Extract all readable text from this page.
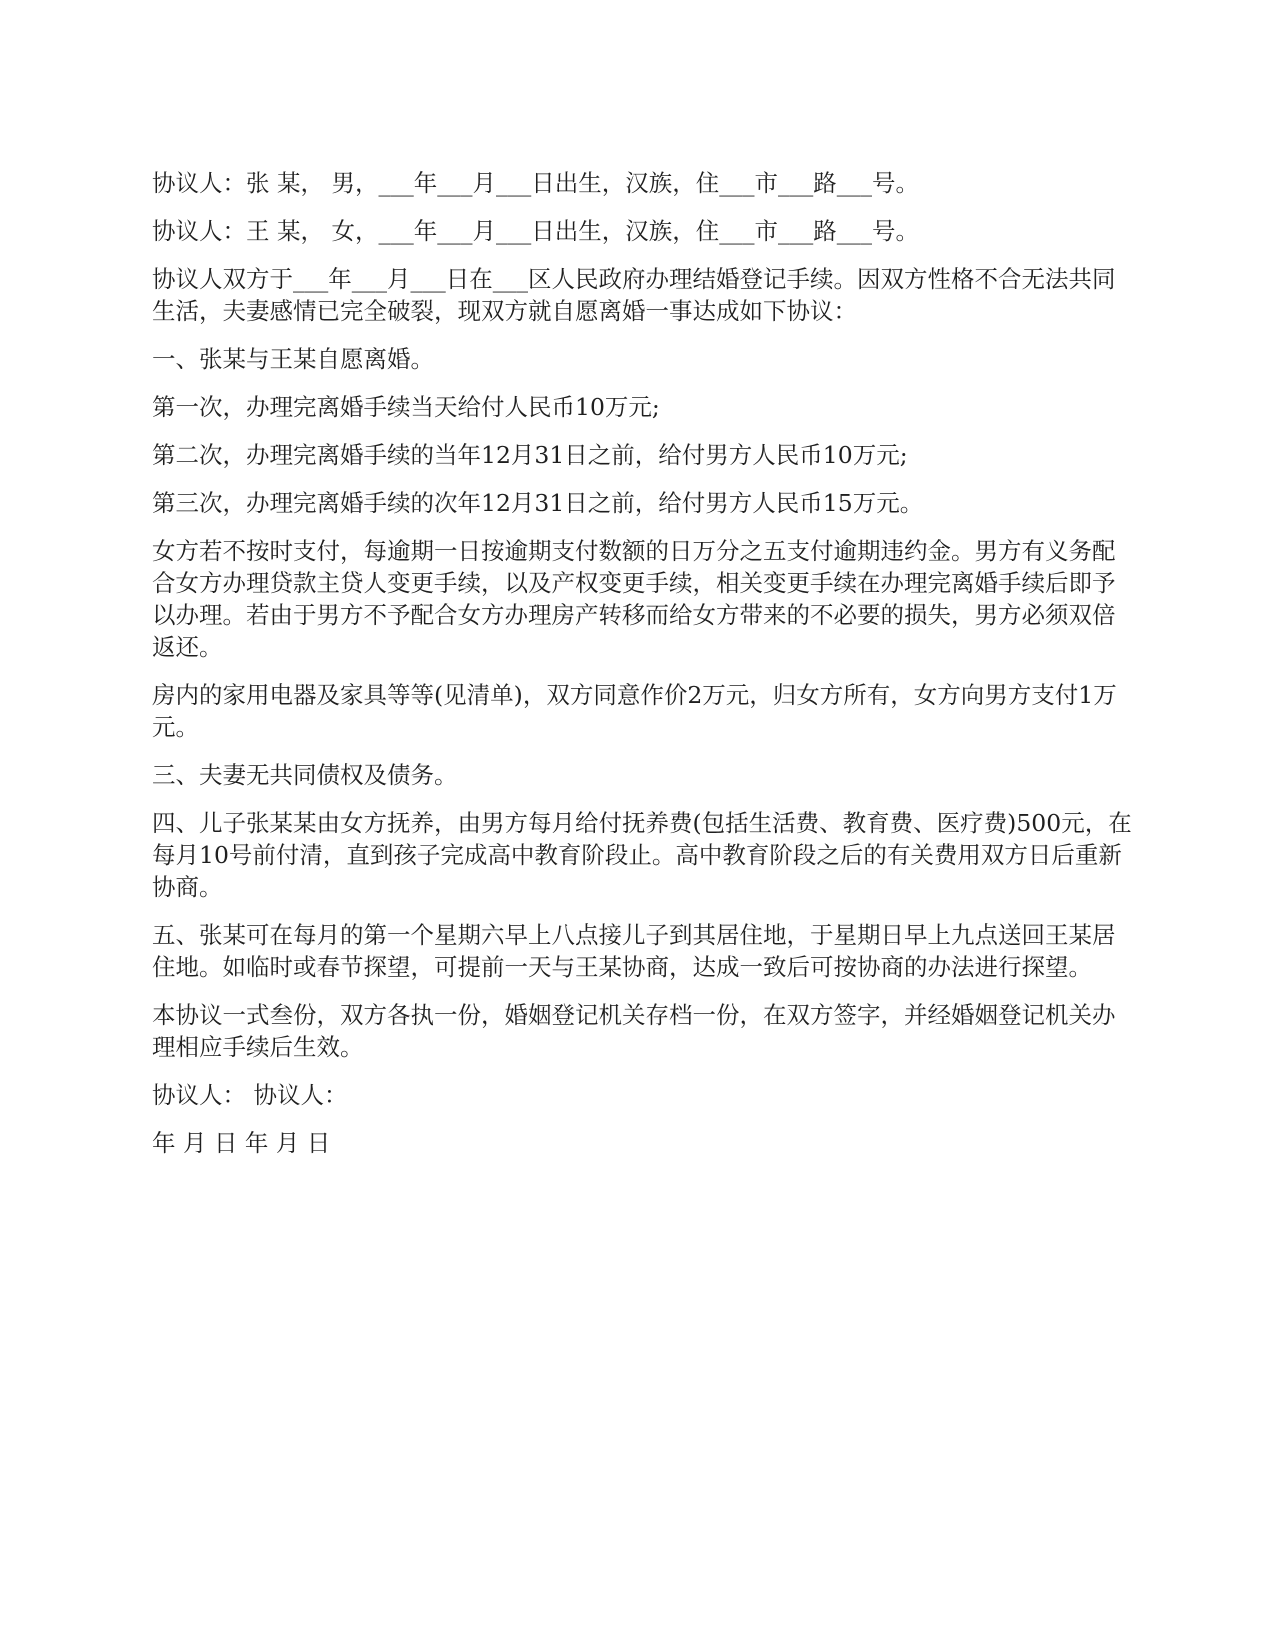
协议人：张 某， 男，___年___月___日出生，汉族，住___市___路___号。

协议人：王 某， 女，___年___月___日出生，汉族，住___市___路___号。

协议人双方于___年___月___日在___区人民政府办理结婚登记手续。因双方性格不合无法共同生活，夫妻感情已完全破裂，现双方就自愿离婚一事达成如下协议：

一、张某与王某自愿离婚。

第一次，办理完离婚手续当天给付人民币10万元;

第二次，办理完离婚手续的当年12月31日之前，给付男方人民币10万元;

第三次，办理完离婚手续的次年12月31日之前，给付男方人民币15万元。

女方若不按时支付，每逾期一日按逾期支付数额的日万分之五支付逾期违约金。男方有义务配合女方办理贷款主贷人变更手续，以及产权变更手续，相关变更手续在办理完离婚手续后即予以办理。若由于男方不予配合女方办理房产转移而给女方带来的不必要的损失，男方必须双倍返还。

房内的家用电器及家具等等(见清单)，双方同意作价2万元，归女方所有，女方向男方支付1万元。

三、夫妻无共同债权及债务。

四、儿子张某某由女方抚养，由男方每月给付抚养费(包括生活费、教育费、医疗费)500元，在每月10号前付清，直到孩子完成高中教育阶段止。高中教育阶段之后的有关费用双方日后重新协商。

五、张某可在每月的第一个星期六早上八点接儿子到其居住地，于星期日早上九点送回王某居住地。如临时或春节探望，可提前一天与王某协商，达成一致后可按协商的办法进行探望。

本协议一式叁份，双方各执一份，婚姻登记机关存档一份，在双方签字，并经婚姻登记机关办理相应手续后生效。

协议人： 协议人：

年 月 日 年 月 日
